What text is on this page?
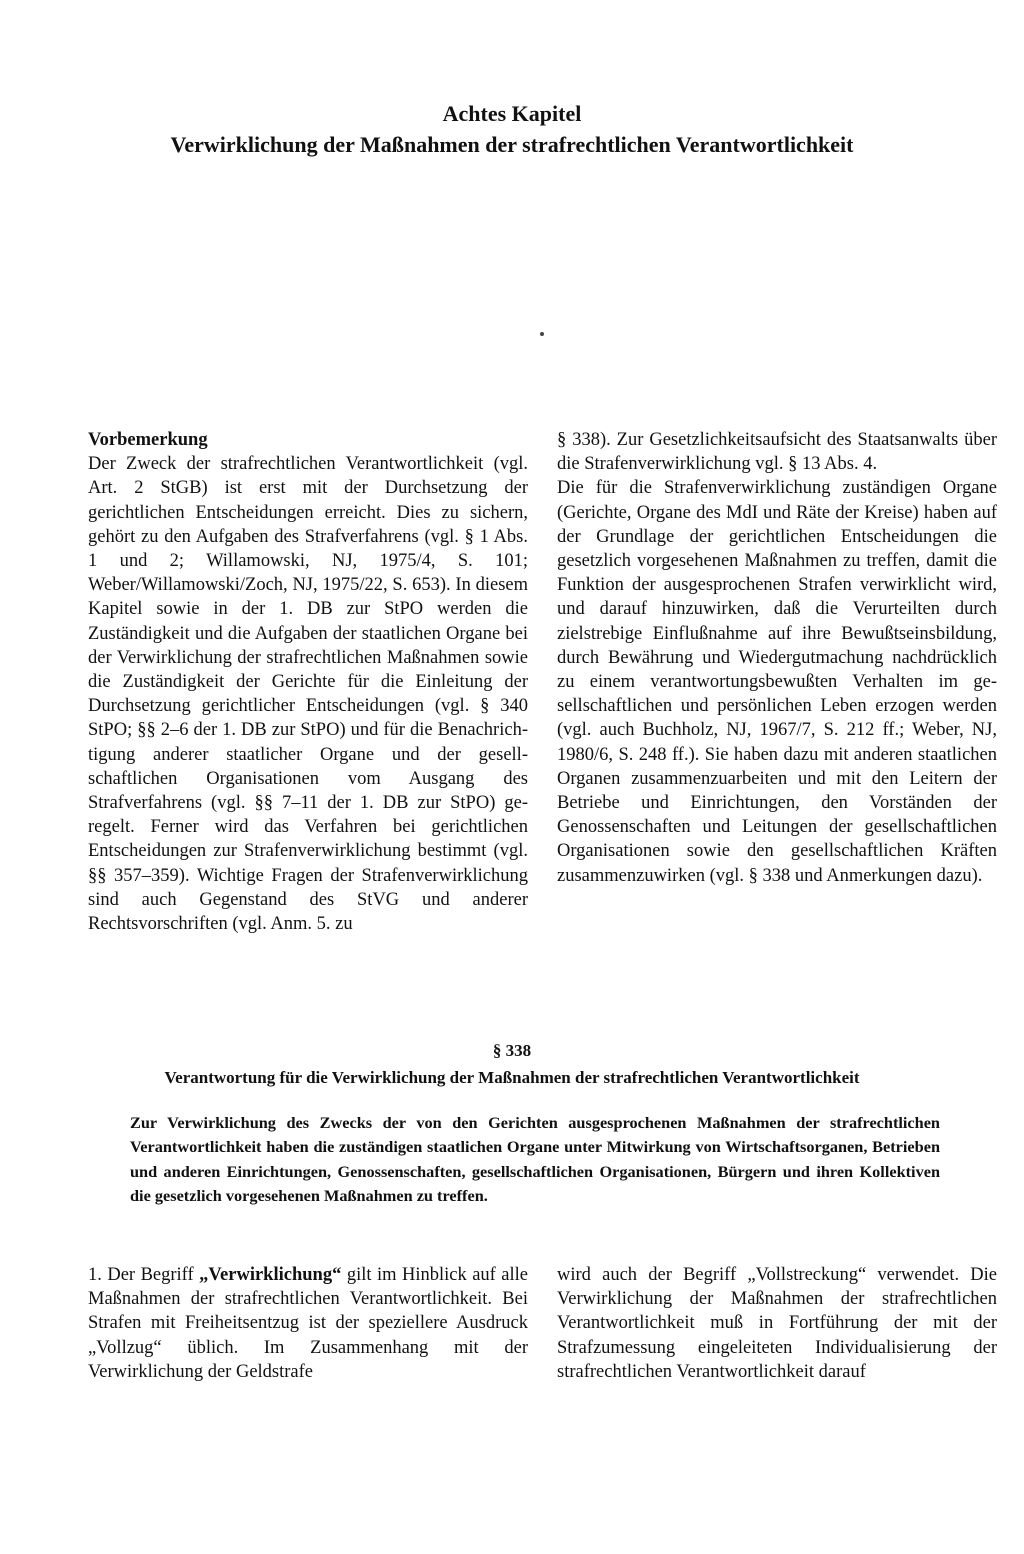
Achtes Kapitel
Verwirklichung der Maßnahmen der strafrechtlichen Verantwortlichkeit
Vorbemerkung

Der Zweck der strafrechtlichen Verantwortlichkeit (vgl. Art. 2 StGB) ist erst mit der Durchsetzung der gerichtlichen Entscheidungen erreicht. Dies zu sichern, gehört zu den Aufgaben des Strafverfahrens (vgl. § 1 Abs. 1 und 2; Willamowski, NJ, 1975/4, S. 101; Weber/Willamowski/Zoch, NJ, 1975/22, S. 653). In diesem Kapitel sowie in der 1. DB zur StPO werden die Zuständigkeit und die Aufgaben der staatlichen Organe bei der Verwirklichung der strafrechtlichen Maßnahmen sowie die Zuständigkeit der Gerichte für die Einleitung der Durchsetzung gerichtlicher Entscheidungen (vgl. § 340 StPO; §§ 2–6 der 1. DB zur StPO) und für die Benachrichtigung anderer staatlicher Organe und der gesellschaftlichen Organisationen vom Ausgang des Strafverfahrens (vgl. §§ 7–11 der 1. DB zur StPO) geregelt. Ferner wird das Verfahren bei gerichtlichen Entscheidungen zur Strafenverwirklichung bestimmt (vgl. §§ 357–359). Wichtige Fragen der Strafenverwirklichung sind auch Gegenstand des StVG und anderer Rechtsvorschriften (vgl. Anm. 5. zu

§ 338). Zur Gesetzlichkeitsaufsicht des Staatsanwalts über die Strafenverwirklichung vgl. § 13 Abs. 4.

Die für die Strafenverwirklichung zuständigen Organe (Gerichte, Organe des MdI und Räte der Kreise) haben auf der Grundlage der gerichtlichen Entscheidungen die gesetzlich vorgesehenen Maßnahmen zu treffen, damit die Funktion der ausgesprochenen Strafen verwirklicht wird, und darauf hinzuwirken, daß die Verurteilten durch zielstrebige Einflußnahme auf ihre Bewußtseinsbildung, durch Bewährung und Wiedergutmachung nachdrücklich zu einem verantwortungsbewußten Verhalten im gesellschaftlichen und persönlichen Leben erzogen werden (vgl. auch Buchholz, NJ, 1967/7, S. 212 ff.; Weber, NJ, 1980/6, S. 248 ff.). Sie haben dazu mit anderen staatlichen Organen zusammenzuarbeiten und mit den Leitern der Betriebe und Einrichtungen, den Vorständen der Genossenschaften und Leitungen der gesellschaftlichen Organisationen sowie den gesellschaftlichen Kräften zusammenzuwirken (vgl. § 338 und Anmerkungen dazu).

§ 338
Verantwortung für die Verwirklichung der Maßnahmen der strafrechtlichen Verantwortlichkeit

Zur Verwirklichung des Zwecks der von den Gerichten ausgesprochenen Maßnahmen der strafrechtlichen Verantwortlichkeit haben die zuständigen staatlichen Organe unter Mitwirkung von Wirtschaftsorganen, Betrieben und anderen Einrichtungen, Genossenschaften, gesellschaftlichen Organisationen, Bürgern und ihren Kollektiven die gesetzlich vorgesehenen Maßnahmen zu treffen.

1. Der Begriff „Verwirklichung“ gilt im Hinblick auf alle Maßnahmen der strafrechtlichen Verantwortlichkeit. Bei Strafen mit Freiheitsentzug ist der speziellere Ausdruck „Vollzug“ üblich. Im Zusammenhang mit der Verwirklichung der Geldstrafe

wird auch der Begriff „Vollstreckung“ verwendet. Die Verwirklichung der Maßnahmen der strafrechtlichen Verantwortlichkeit muß in Fortführung der mit der Strafzumessung eingeleiteten Individualisierung der strafrechtlichen Verantwortlichkeit darauf
